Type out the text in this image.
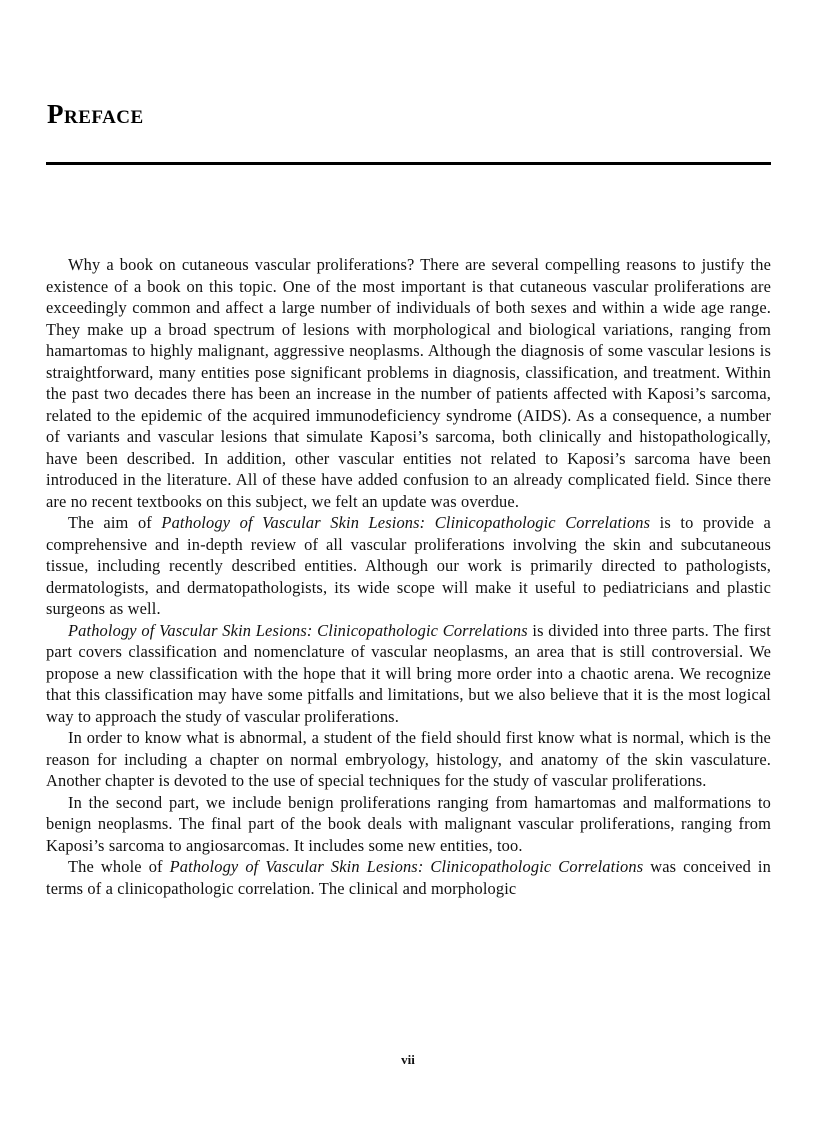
Preface

Why a book on cutaneous vascular proliferations? There are several compelling reasons to justify the existence of a book on this topic. One of the most important is that cutaneous vascular proliferations are exceedingly common and affect a large number of individuals of both sexes and within a wide age range. They make up a broad spectrum of lesions with morphological and biological variations, ranging from hamartomas to highly malignant, aggressive neoplasms. Although the diagnosis of some vascular lesions is straightforward, many entities pose significant problems in diagnosis, classification, and treatment. Within the past two decades there has been an increase in the number of patients affected with Kaposi’s sarcoma, related to the epidemic of the acquired immunodeficiency syndrome (AIDS). As a consequence, a number of variants and vascular lesions that simulate Kaposi’s sarcoma, both clinically and histopathologically, have been described. In addition, other vascular entities not related to Kaposi’s sarcoma have been introduced in the literature. All of these have added confusion to an already complicated field. Since there are no recent textbooks on this subject, we felt an update was overdue.

The aim of Pathology of Vascular Skin Lesions: Clinicopathologic Correlations is to provide a comprehensive and in-depth review of all vascular proliferations involving the skin and subcutaneous tissue, including recently described entities. Although our work is primarily directed to pathologists, dermatologists, and dermatopathologists, its wide scope will make it useful to pediatricians and plastic surgeons as well.

Pathology of Vascular Skin Lesions: Clinicopathologic Correlations is divided into three parts. The first part covers classification and nomenclature of vascular neoplasms, an area that is still controversial. We propose a new classification with the hope that it will bring more order into a chaotic arena. We recognize that this classification may have some pitfalls and limitations, but we also believe that it is the most logical way to approach the study of vascular proliferations.

In order to know what is abnormal, a student of the field should first know what is normal, which is the reason for including a chapter on normal embryology, histology, and anatomy of the skin vasculature. Another chapter is devoted to the use of special techniques for the study of vascular proliferations.

In the second part, we include benign proliferations ranging from hamartomas and malformations to benign neoplasms. The final part of the book deals with malignant vascular proliferations, ranging from Kaposi’s sarcoma to angiosarcomas. It includes some new entities, too.

The whole of Pathology of Vascular Skin Lesions: Clinicopathologic Correlations was conceived in terms of a clinicopathologic correlation. The clinical and morphologic

vii
